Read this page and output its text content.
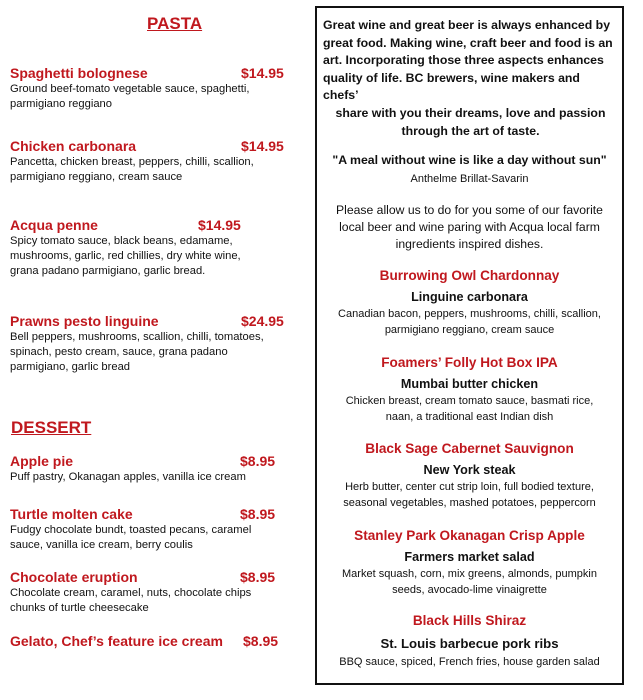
PASTA
Spaghetti bolognese	$14.95
Ground beef-tomato vegetable sauce, spaghetti,
parmigiano reggiano
Chicken carbonara	$14.95
Pancetta, chicken breast, peppers, chilli, scallion,
parmigiano reggiano, cream sauce
Acqua penne	$14.95
Spicy tomato sauce, black beans, edamame,
mushrooms, garlic, red chillies, dry white wine,
grana padano parmigiano, garlic bread.
Prawns pesto linguine	$24.95
Bell peppers, mushrooms, scallion, chilli, tomatoes,
spinach, pesto cream, sauce, grana padano
parmigiano, garlic bread
DESSERT
Apple pie	$8.95
Puff pastry, Okanagan apples, vanilla ice cream
Turtle molten cake	$8.95
Fudgy chocolate bundt, toasted pecans, caramel
sauce, vanilla ice cream, berry coulis
Chocolate eruption	$8.95
Chocolate cream, caramel, nuts, chocolate chips
chunks of turtle cheesecake
Gelato, Chef’s feature ice cream $8.95
Great wine and great beer is always enhanced by
great food. Making wine, craft beer and food is an
art. Incorporating those three aspects enhances
quality of life. BC brewers, wine makers and chefs’
share with you their dreams, love and passion
through the art of taste.
"A meal without wine is like a day without sun"
Anthelme Brillat-Savarin
Please allow us to do for you some of our favorite
local beer and wine paring with Acqua local farm
ingredients inspired dishes.
Burrowing Owl Chardonnay
Linguine carbonara
Canadian bacon, peppers, mushrooms, chilli, scallion,
parmigiano reggiano, cream sauce
Foamers’ Folly Hot Box IPA
Mumbai butter chicken
Chicken breast, cream tomato sauce, basmati rice,
naan, a traditional east Indian dish
Black Sage Cabernet Sauvignon
New York steak
Herb butter, center cut strip loin, full bodied texture,
seasonal vegetables, mashed potatoes, peppercorn
Stanley Park Okanagan Crisp Apple
Farmers market salad
Market squash, corn, mix greens, almonds, pumpkin
seeds, avocado-lime vinaigrette
Black Hills Shiraz
St. Louis barbecue pork ribs
BBQ sauce, spiced, French fries, house garden salad
